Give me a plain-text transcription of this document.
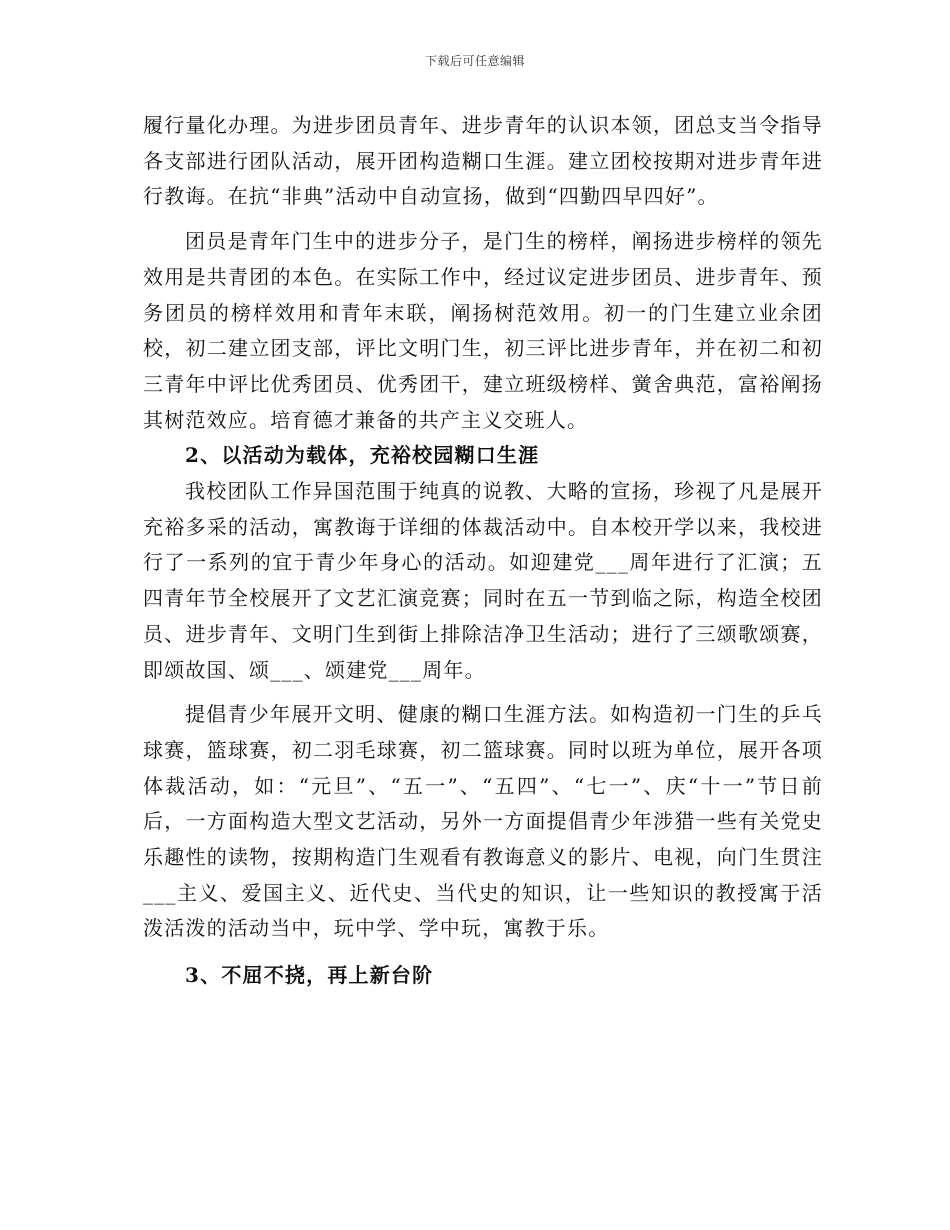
下载后可任意编辑

履行量化办理。为进步团员青年、进步青年的认识本领，团总支当令指导各支部进行团队活动，展开团构造糊口生涯。建立团校按期对进步青年进行教诲。在抗“非典”活动中自动宣扬，做到“四勤四早四好”。

团员是青年门生中的进步分子，是门生的榜样，阐扬进步榜样的领先效用是共青团的本色。在实际工作中，经过议定进步团员、进步青年、预务团员的榜样效用和青年末联，阐扬树范效用。初一的门生建立业余团校，初二建立团支部，评比文明门生，初三评比进步青年，并在初二和初三青年中评比优秀团员、优秀团干，建立班级榜样、黉舍典范，富裕阐扬其树范效应。培育德才兼备的共产主义交班人。

2、以活动为载体，充裕校园糊口生涯

我校团队工作异国范围于纯真的说教、大略的宣扬，珍视了凡是展开充裕多采的活动，寓教诲于详细的体裁活动中。自本校开学以来，我校进行了一系列的宜于青少年身心的活动。如迎建党___周年进行了汇演；五四青年节全校展开了文艺汇演竞赛；同时在五一节到临之际，构造全校团员、进步青年、文明门生到街上排除洁净卫生活动；进行了三颂歌颂赛，即颂故国、颂___、颂建党___周年。

提倡青少年展开文明、健康的糊口生涯方法。如构造初一门生的乒乓球赛，篮球赛，初二羽毛球赛，初二篮球赛。同时以班为单位，展开各项体裁活动，如：“元旦”、“五一”、“五四”、“七一”、庆“十一”节日前后，一方面构造大型文艺活动，另外一方面提倡青少年涉猎一些有关党史乐趣性的读物，按期构造门生观看有教诲意义的影片、电视，向门生贯注___主义、爱国主义、近代史、当代史的知识，让一些知识的教授寓于活泼活泼的活动当中，玩中学、学中玩，寓教于乐。

3、不屈不挠，再上新台阶
